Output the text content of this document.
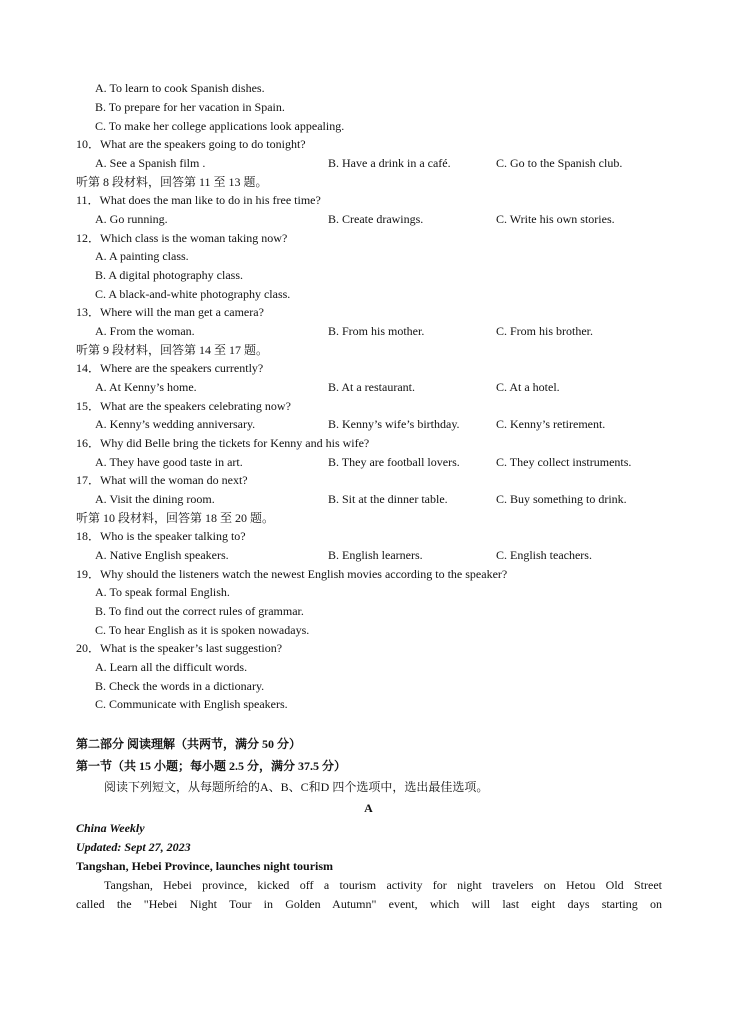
A. To learn to cook Spanish dishes.
B. To prepare for her vacation in Spain.
C. To make her college applications look appealing.
10．What are the speakers going to do tonight?
A. See a Spanish film .	B. Have a drink in a café.	C. Go to the Spanish club.
听第 8 段材料，回答第 11 至 13 题。
11．What does the man like to do in his free time?
A. Go running.	B. Create drawings.	C. Write his own stories.
12．Which class is the woman taking now?
A. A painting class.
B. A digital photography class.
C. A black-and-white photography class.
13．Where will the man get a camera?
A. From the woman.	B. From his mother.	C. From his brother.
听第 9 段材料，回答第 14 至 17 题。
14．Where are the speakers currently?
A. At Kenny’s home.	B. At a restaurant.	C. At a hotel.
15．What are the speakers celebrating now?
A. Kenny’s wedding anniversary.	B. Kenny’s wife’s birthday.	C. Kenny’s retirement.
16．Why did Belle bring the tickets for Kenny and his wife?
A. They have good taste in art.	B. They are football lovers.	C. They collect instruments.
17．What will the woman do next?
A. Visit the dining room.	B. Sit at the dinner table.	C. Buy something to drink.
听第 10 段材料，回答第 18 至 20 题。
18．Who is the speaker talking to?
A. Native English speakers.	B. English learners.	C. English teachers.
19．Why should the listeners watch the newest English movies according to the speaker?
A. To speak formal English.
B. To find out the correct rules of grammar.
C. To hear English as it is spoken nowadays.
20．What is the speaker’s last suggestion?
A. Learn all the difficult words.
B. Check the words in a dictionary.
C. Communicate with English speakers.
第二部分 阅读理解（共两节，满分 50 分）
第一节（共 15 小题；每小题 2.5 分，满分 37.5 分）
阅读下列短文，从每题所给的A、B、C和D 四个选项中，选出最佳选项。
A
China Weekly
Updated: Sept 27, 2023
Tangshan, Hebei Province, launches night tourism
Tangshan, Hebei province, kicked off a tourism activity for night travelers on Hetou Old Street
called the "Hebei Night Tour in Golden Autumn" event, which will last eight days starting on
